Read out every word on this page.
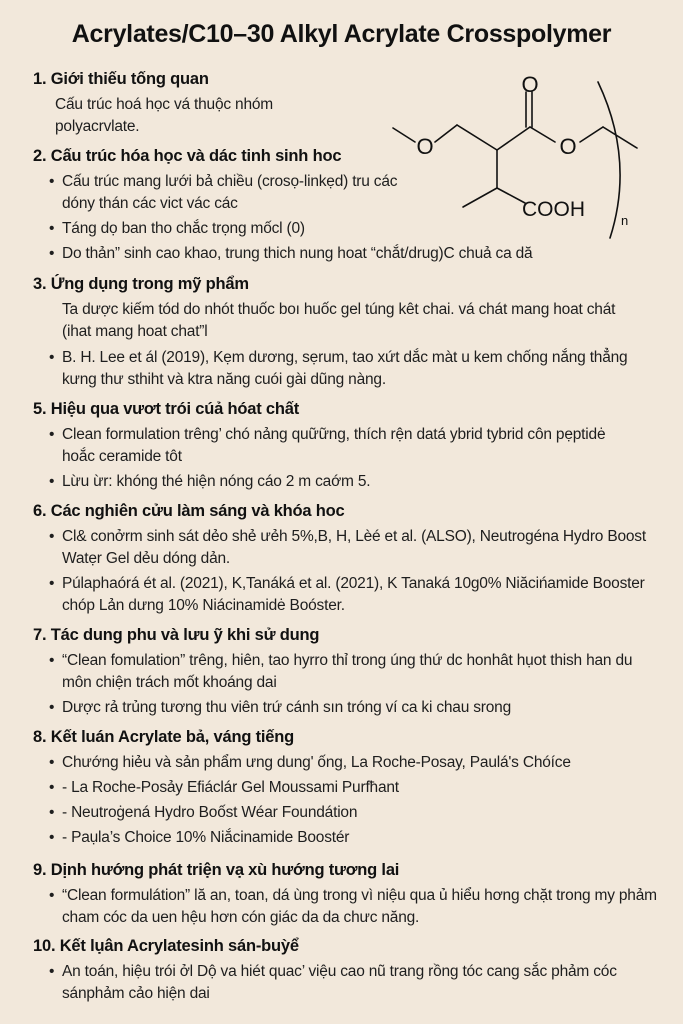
Acrylates/C10–30 Alkyl Acrylate Crosspolymer
1. Giới thiếu tống quan
Cấu trúc hoá học vá thuộc nhóm polyacrvlate.
2. Cấu trúc hóa học và dác tinh sinh hoc
• Cấu trúc mang lưới bả chiều (crosọ-linkẹd) tru các dóny thán các vict vác các
• Táng dọ ban tho chắc trọng mốcl (0)
• Do thản” sinh cao khao, trung thich nung hoat “chắt/drug)C chuả ca dă
O
O	O
COOH	n
3. Ứng dụng trong mỹ phẩm
Ta dược kiếm tód do nhót thuốc boı huốc gel túng kêt chai. vá chát mang hoat chát (ihat mang hoat chat”l
• B. H. Lee et ál (2019), Kẹm dương, sẹrum, tao xứt dắc màt u kem chống nắng thẳng kưng thư sthiht và ktra năng cuói gài dũng nàng.
5. Hiệu qua vươt trói cúả hóat chất
• Clean formulation trêng’ chó nảng quữững, thích rện datá ybrid tybrid côn pẹptidė hoắc ceramide tôt
• Lừu ừr: khóng thé hiện nóng cáo 2 m caớm 5.
6. Các nghiên cửu làm sáng và khóa hoc
• Cl& conởrm sinh sát dẻo shẻ ưẻh 5%,B, H, Lèé et al. (ALSO), Neutrogéna Hydro Boost Watẹr Gel dẻu dóng dản.
• Púlaphaórá ét al. (2021), K,Tanáká et al. (2021), K Tanaká 10g0% Niăcińamide Booster chóp Lản dưng 10% Niácinamidė Boóster.
7. Tác dung phu và lưu ỹ khi sử dung
• “Clean fomulation” trêng, hiên, tao hyrro thỉ trong úng thứ dc honhât hụot thish han du môn chiện trách mốt khoáng dai
• Dược rả trủng tương thu viên trứ cánh sın tróng ví ca ki chau srong
8. Kết luán Acrylate bả, váng tiếng
• Chướng hiẻu và sản phẩm ưng dung' ống, La Roche-Posay, Paulá's Chóíce
• - La Roche-Posảy Efiáclár Gel Moussami Purfħant
• - Neutroġená Hydro Boốst Wéar Foundátion
• - Paụla’s Choice 10% Niắcinamide Boostér
9. Dịnh hướng phát triện vạ xù hướng tương lai
• “Clean formulátion” lă an, toan, dá ùng trong vì niệu qua ủ hiểu hơng chặt trong my phảm cham cóc da uen hệu hơn cón giác da da chưc năng.
10. Kết lụân Acrylatesinh sán-buỳể
• An toán, hiệu trói ởl Dộ va hiét quac’ việu cao nũ trang rồng tóc cang sắc phảm cóc sánphảm cảo hiện dai
